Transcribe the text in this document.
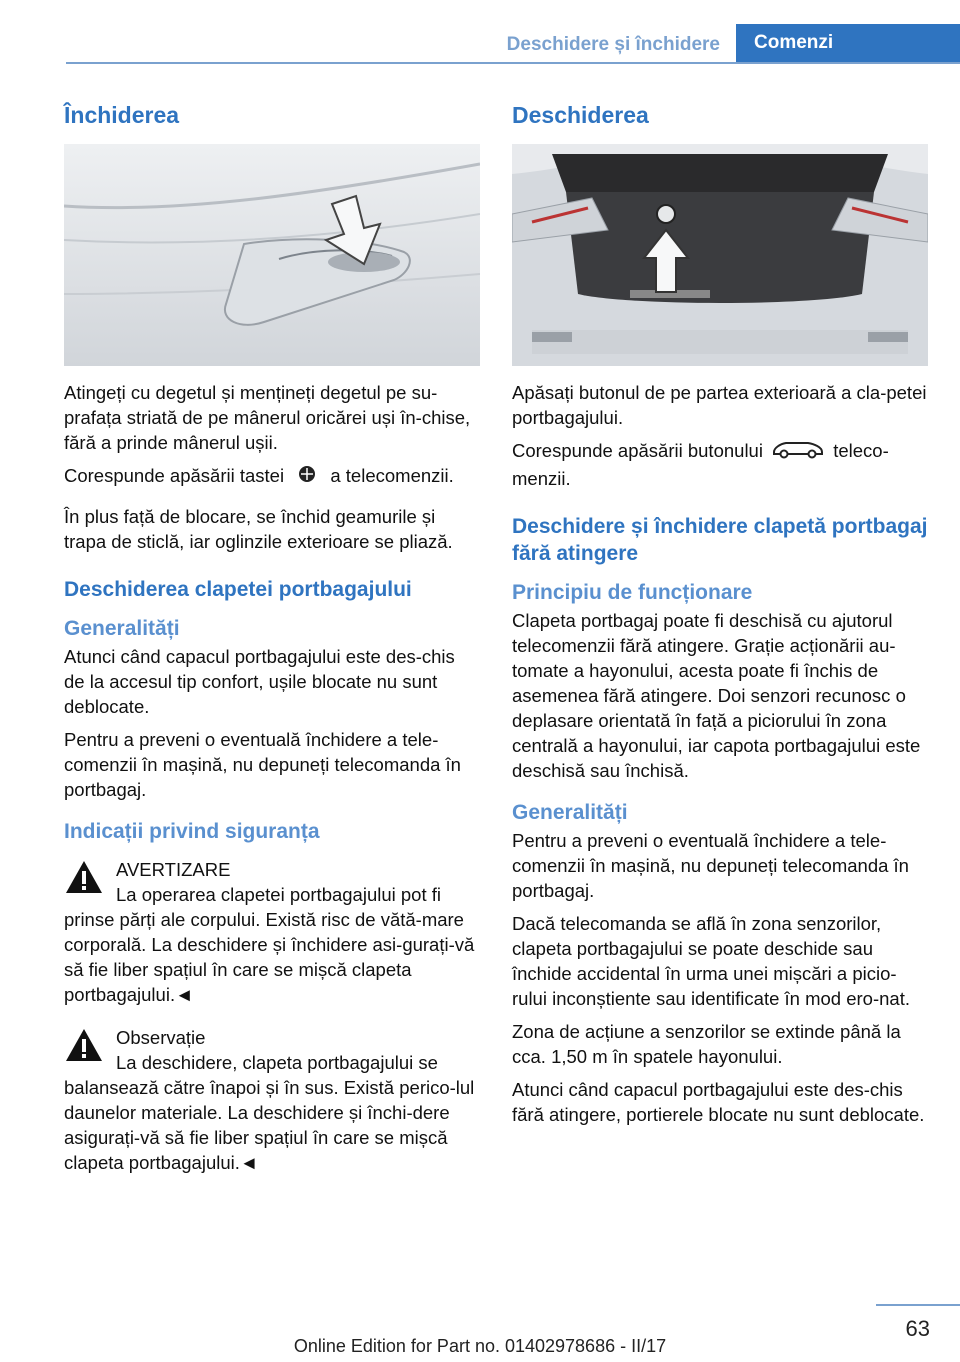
Deschidere și închidere	Comenzi
Închiderea

Atingeți cu degetul și mențineți degetul pe su-prafața striată de pe mânerul oricărei uși în-chise, fără a prinde mânerul ușii.

Corespunde apăsării tastei	a telecomenzii.

În plus față de blocare, se închid geamurile și trapa de sticlă, iar oglinzile exterioare se pliază.

Deschiderea clapetei portbagajului
Generalități

Atunci când capacul portbagajului este des-chis de la accesul tip confort, ușile blocate nu sunt deblocate.

Pentru a preveni o eventuală închidere a tele-comenzii în mașină, nu depuneți telecomanda în portbagaj.

Indicații privind siguranța
AVERTIZARE
La operarea clapetei portbagajului pot fi
prinse părți ale corpului. Există risc de vătă-mare corporală. La deschidere și închidere asi-gurați-vă să fie liber spațiul în care se mișcă clapeta portbagajului.◄
Observație
La deschidere, clapeta portbagajului se
balansează către înapoi și în sus. Există perico-lul daunelor materiale. La deschidere și închi-dere asigurați-vă să fie liber spațiul în care se mișcă clapeta portbagajului.◄
Deschiderea

Apăsați butonul de pe partea exterioară a cla-petei portbagajului.

Corespunde apăsării butonului	teleco-menzii.

Deschidere și închidere clapetă portbagaj fără atingere
Principiu de funcționare

Clapeta portbagaj poate fi deschisă cu ajutorul telecomenzii fără atingere. Grație acționării au-tomate a hayonului, acesta poate fi închis de asemenea fără atingere. Doi senzori recunosc o deplasare orientată în față a piciorului în zona centrală a hayonului, iar capota portbagajului este deschisă sau închisă.

Generalități

Pentru a preveni o eventuală închidere a tele-comenzii în mașină, nu depuneți telecomanda în portbagaj.

Dacă telecomanda se află în zona senzorilor, clapeta portbagajului se poate deschide sau închide accidental în urma unei mișcări a picio-rului inconștiente sau identificate în mod ero-nat.

Zona de acțiune a senzorilor se extinde până la cca. 1,50 m în spatele hayonului.

Atunci când capacul portbagajului este des-chis fără atingere, portierele blocate nu sunt deblocate.

63
Online Edition for Part no. 01402978686 - II/17
